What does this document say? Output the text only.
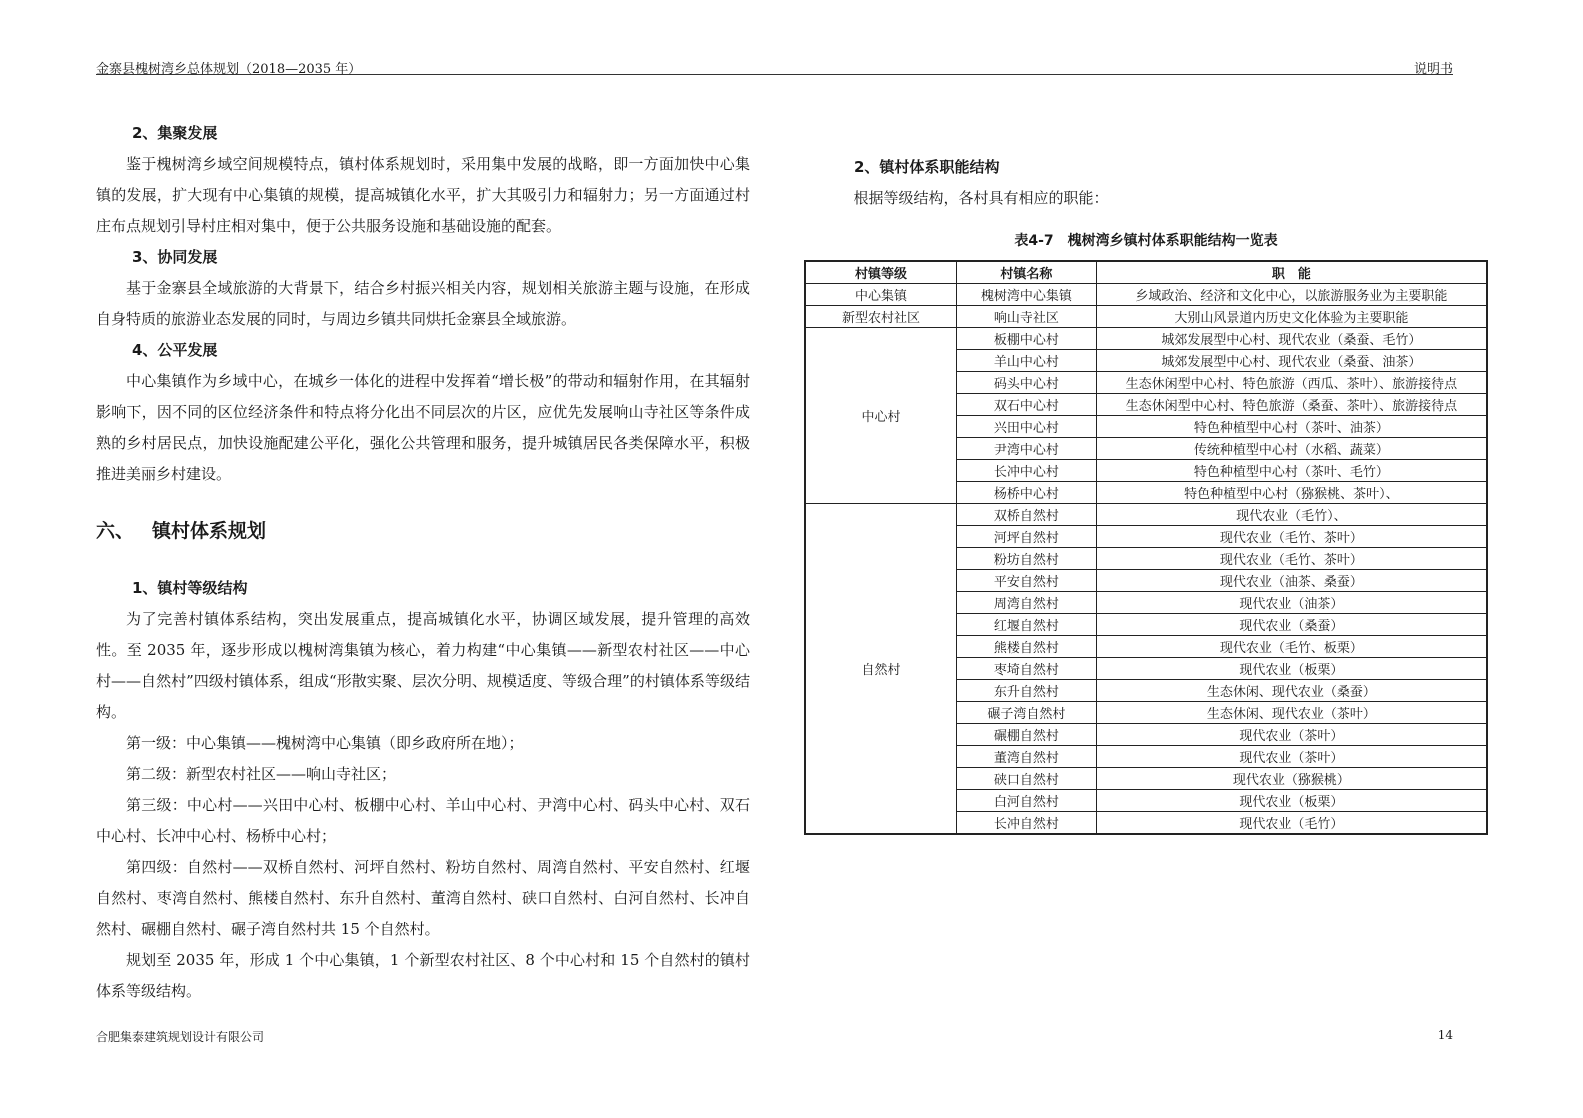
金寨县槐树湾乡总体规划（2018—2035 年）	说明书
2、集聚发展

鉴于槐树湾乡域空间规模特点，镇村体系规划时，采用集中发展的战略，即一方面加快中心集镇的发展，扩大现有中心集镇的规模，提高城镇化水平，扩大其吸引力和辐射力；另一方面通过村庄布点规划引导村庄相对集中，便于公共服务设施和基础设施的配套。

3、协同发展

基于金寨县全域旅游的大背景下，结合乡村振兴相关内容，规划相关旅游主题与设施，在形成自身特质的旅游业态发展的同时，与周边乡镇共同烘托金寨县全域旅游。

4、公平发展

中心集镇作为乡域中心，在城乡一体化的进程中发挥着“增长极”的带动和辐射作用，在其辐射影响下，因不同的区位经济条件和特点将分化出不同层次的片区，应优先发展响山寺社区等条件成熟的乡村居民点，加快设施配建公平化，强化公共管理和服务，提升城镇居民各类保障水平，积极推进美丽乡村建设。

六、 镇村体系规划
1、镇村等级结构

为了完善村镇体系结构，突出发展重点，提高城镇化水平，协调区域发展，提升管理的高效性。至 2035 年，逐步形成以槐树湾集镇为核心，着力构建“中心集镇——新型农村社区——中心村——自然村”四级村镇体系，组成“形散实聚、层次分明、规模适度、等级合理”的村镇体系等级结构。

第一级：中心集镇——槐树湾中心集镇（即乡政府所在地）；

第二级：新型农村社区——响山寺社区；

第三级：中心村——兴田中心村、板棚中心村、羊山中心村、尹湾中心村、码头中心村、双石中心村、长冲中心村、杨桥中心村；

第四级：自然村——双桥自然村、河坪自然村、粉坊自然村、周湾自然村、平安自然村、红堰自然村、枣湾自然村、熊楼自然村、东升自然村、董湾自然村、硖口自然村、白河自然村、长冲自然村、碾棚自然村、碾子湾自然村共 15 个自然村。

规划至 2035 年，形成 1 个中心集镇，1 个新型农村社区、8 个中心村和 15 个自然村的镇村体系等级结构。

2、镇村体系职能结构

根据等级结构，各村具有相应的职能：

表4-7　槐树湾乡镇村体系职能结构一览表
村镇等级	村镇名称	职　能
中心集镇	槐树湾中心集镇	乡域政治、经济和文化中心，以旅游服务业为主要职能
新型农村社区	响山寺社区	大别山风景道内历史文化体验为主要职能
中心村	板棚中心村	城郊发展型中心村、现代农业（桑蚕、毛竹）
	羊山中心村	城郊发展型中心村、现代农业（桑蚕、油茶）
	码头中心村	生态休闲型中心村、特色旅游（西瓜、茶叶）、旅游接待点
	双石中心村	生态休闲型中心村、特色旅游（桑蚕、茶叶）、旅游接待点
	兴田中心村	特色种植型中心村（茶叶、油茶）
	尹湾中心村	传统种植型中心村（水稻、蔬菜）
	长冲中心村	特色种植型中心村（茶叶、毛竹）
	杨桥中心村	特色种植型中心村（猕猴桃、茶叶）、
自然村	双桥自然村	现代农业（毛竹）、
	河坪自然村	现代农业（毛竹、茶叶）
	粉坊自然村	现代农业（毛竹、茶叶）
	平安自然村	现代农业（油茶、桑蚕）
	周湾自然村	现代农业（油茶）
	红堰自然村	现代农业（桑蚕）
	熊楼自然村	现代农业（毛竹、板栗）
	枣埼自然村	现代农业（板栗）
	东升自然村	生态休闲、现代农业（桑蚕）
	碾子湾自然村	生态休闲、现代农业（茶叶）
	碾棚自然村	现代农业（茶叶）
	董湾自然村	现代农业（茶叶）
	硖口自然村	现代农业（猕猴桃）
	白河自然村	现代农业（板栗）
	长冲自然村	现代农业（毛竹）
合肥集泰建筑规划设计有限公司	14
